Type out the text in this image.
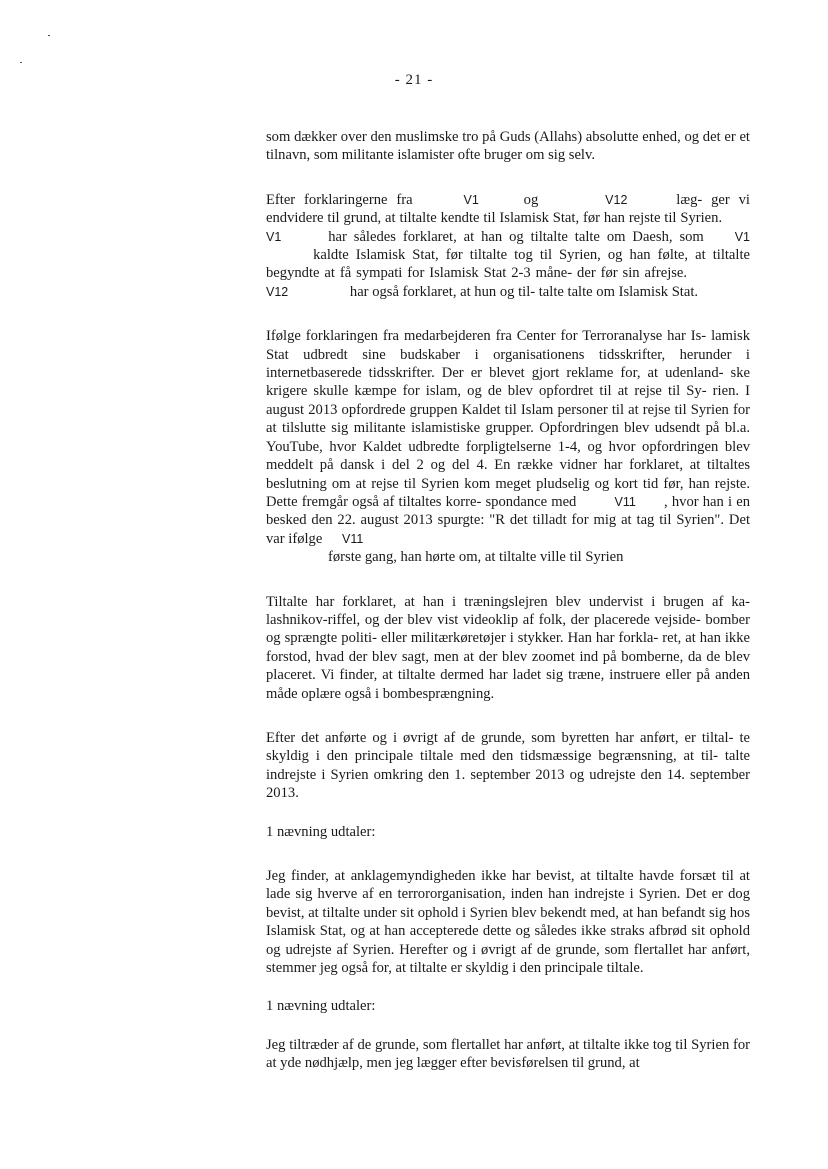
- 21 -

som dækker over den muslimske tro på Guds (Allahs) absolutte enhed, og det er et tilnavn, som militante islamister ofte bruger om sig selv.

Efter forklaringerne fra	V1	og	V12	læg- ger vi endvidere til grund, at tiltalte kendte til Islamisk Stat, før han rejste til Syrien. V1	har således forklaret, at han og tiltalte talte om Daesh, som V1 kaldte Islamisk Stat, før tiltalte tog til Syrien, og han følte, at tiltalte begyndte at få sympati for Islamisk Stat 2-3 måne- der før sin afrejse. V12	har også forklaret, at hun og til- talte talte om Islamisk Stat.

Ifølge forklaringen fra medarbejderen fra Center for Terroranalyse har Is- lamisk Stat udbredt sine budskaber i organisationens tidsskrifter, herunder i internetbaserede tidsskrifter. Der er blevet gjort reklame for, at udenland- ske krigere skulle kæmpe for islam, og de blev opfordret til at rejse til Sy- rien. I august 2013 opfordrede gruppen Kaldet til Islam personer til at rejse til Syrien for at tilslutte sig militante islamistiske grupper. Opfordringen blev udsendt på bl.a. YouTube, hvor Kaldet udbredte forpligtelserne 1-4, og hvor opfordringen blev meddelt på dansk i del 2 og del 4. En række vidner har forklaret, at tiltaltes beslutning om at rejse til Syrien kom meget pludselig og kort tid før, han rejste. Dette fremgår også af tiltaltes korre- spondance med	V11 , hvor han i en besked den 22. august 2013 spurgte: "R det tilladt for mig at tag til Syrien". Det var ifølge V11
første gang, han hørte om, at tiltalte ville til Syrien

Tiltalte har forklaret, at han i træningslejren blev undervist i brugen af ka- lashnikov-riffel, og der blev vist videoklip af folk, der placerede vejside- bomber og sprængte politi- eller militærkøretøjer i stykker. Han har forkla- ret, at han ikke forstod, hvad der blev sagt, men at der blev zoomet ind på bomberne, da de blev placeret. Vi finder, at tiltalte dermed har ladet sig træne, instruere eller på anden måde oplære også i bombesprængning.

Efter det anførte og i øvrigt af de grunde, som byretten har anført, er tiltal- te skyldig i den principale tiltale med den tidsmæssige begrænsning, at til- talte indrejste i Syrien omkring den 1. september 2013 og udrejste den 14. september 2013.

1 nævning udtaler:

Jeg finder, at anklagemyndigheden ikke har bevist, at tiltalte havde forsæt til at lade sig hverve af en terrororganisation, inden han indrejste i Syrien. Det er dog bevist, at tiltalte under sit ophold i Syrien blev bekendt med, at han befandt sig hos Islamisk Stat, og at han accepterede dette og således ikke straks afbrød sit ophold og udrejste af Syrien. Herefter og i øvrigt af de grunde, som flertallet har anført, stemmer jeg også for, at tiltalte er skyldig i den principale tiltale.

1 nævning udtaler:

Jeg tiltræder af de grunde, som flertallet har anført, at tiltalte ikke tog til Syrien for at yde nødhjælp, men jeg lægger efter bevisførelsen til grund, at
